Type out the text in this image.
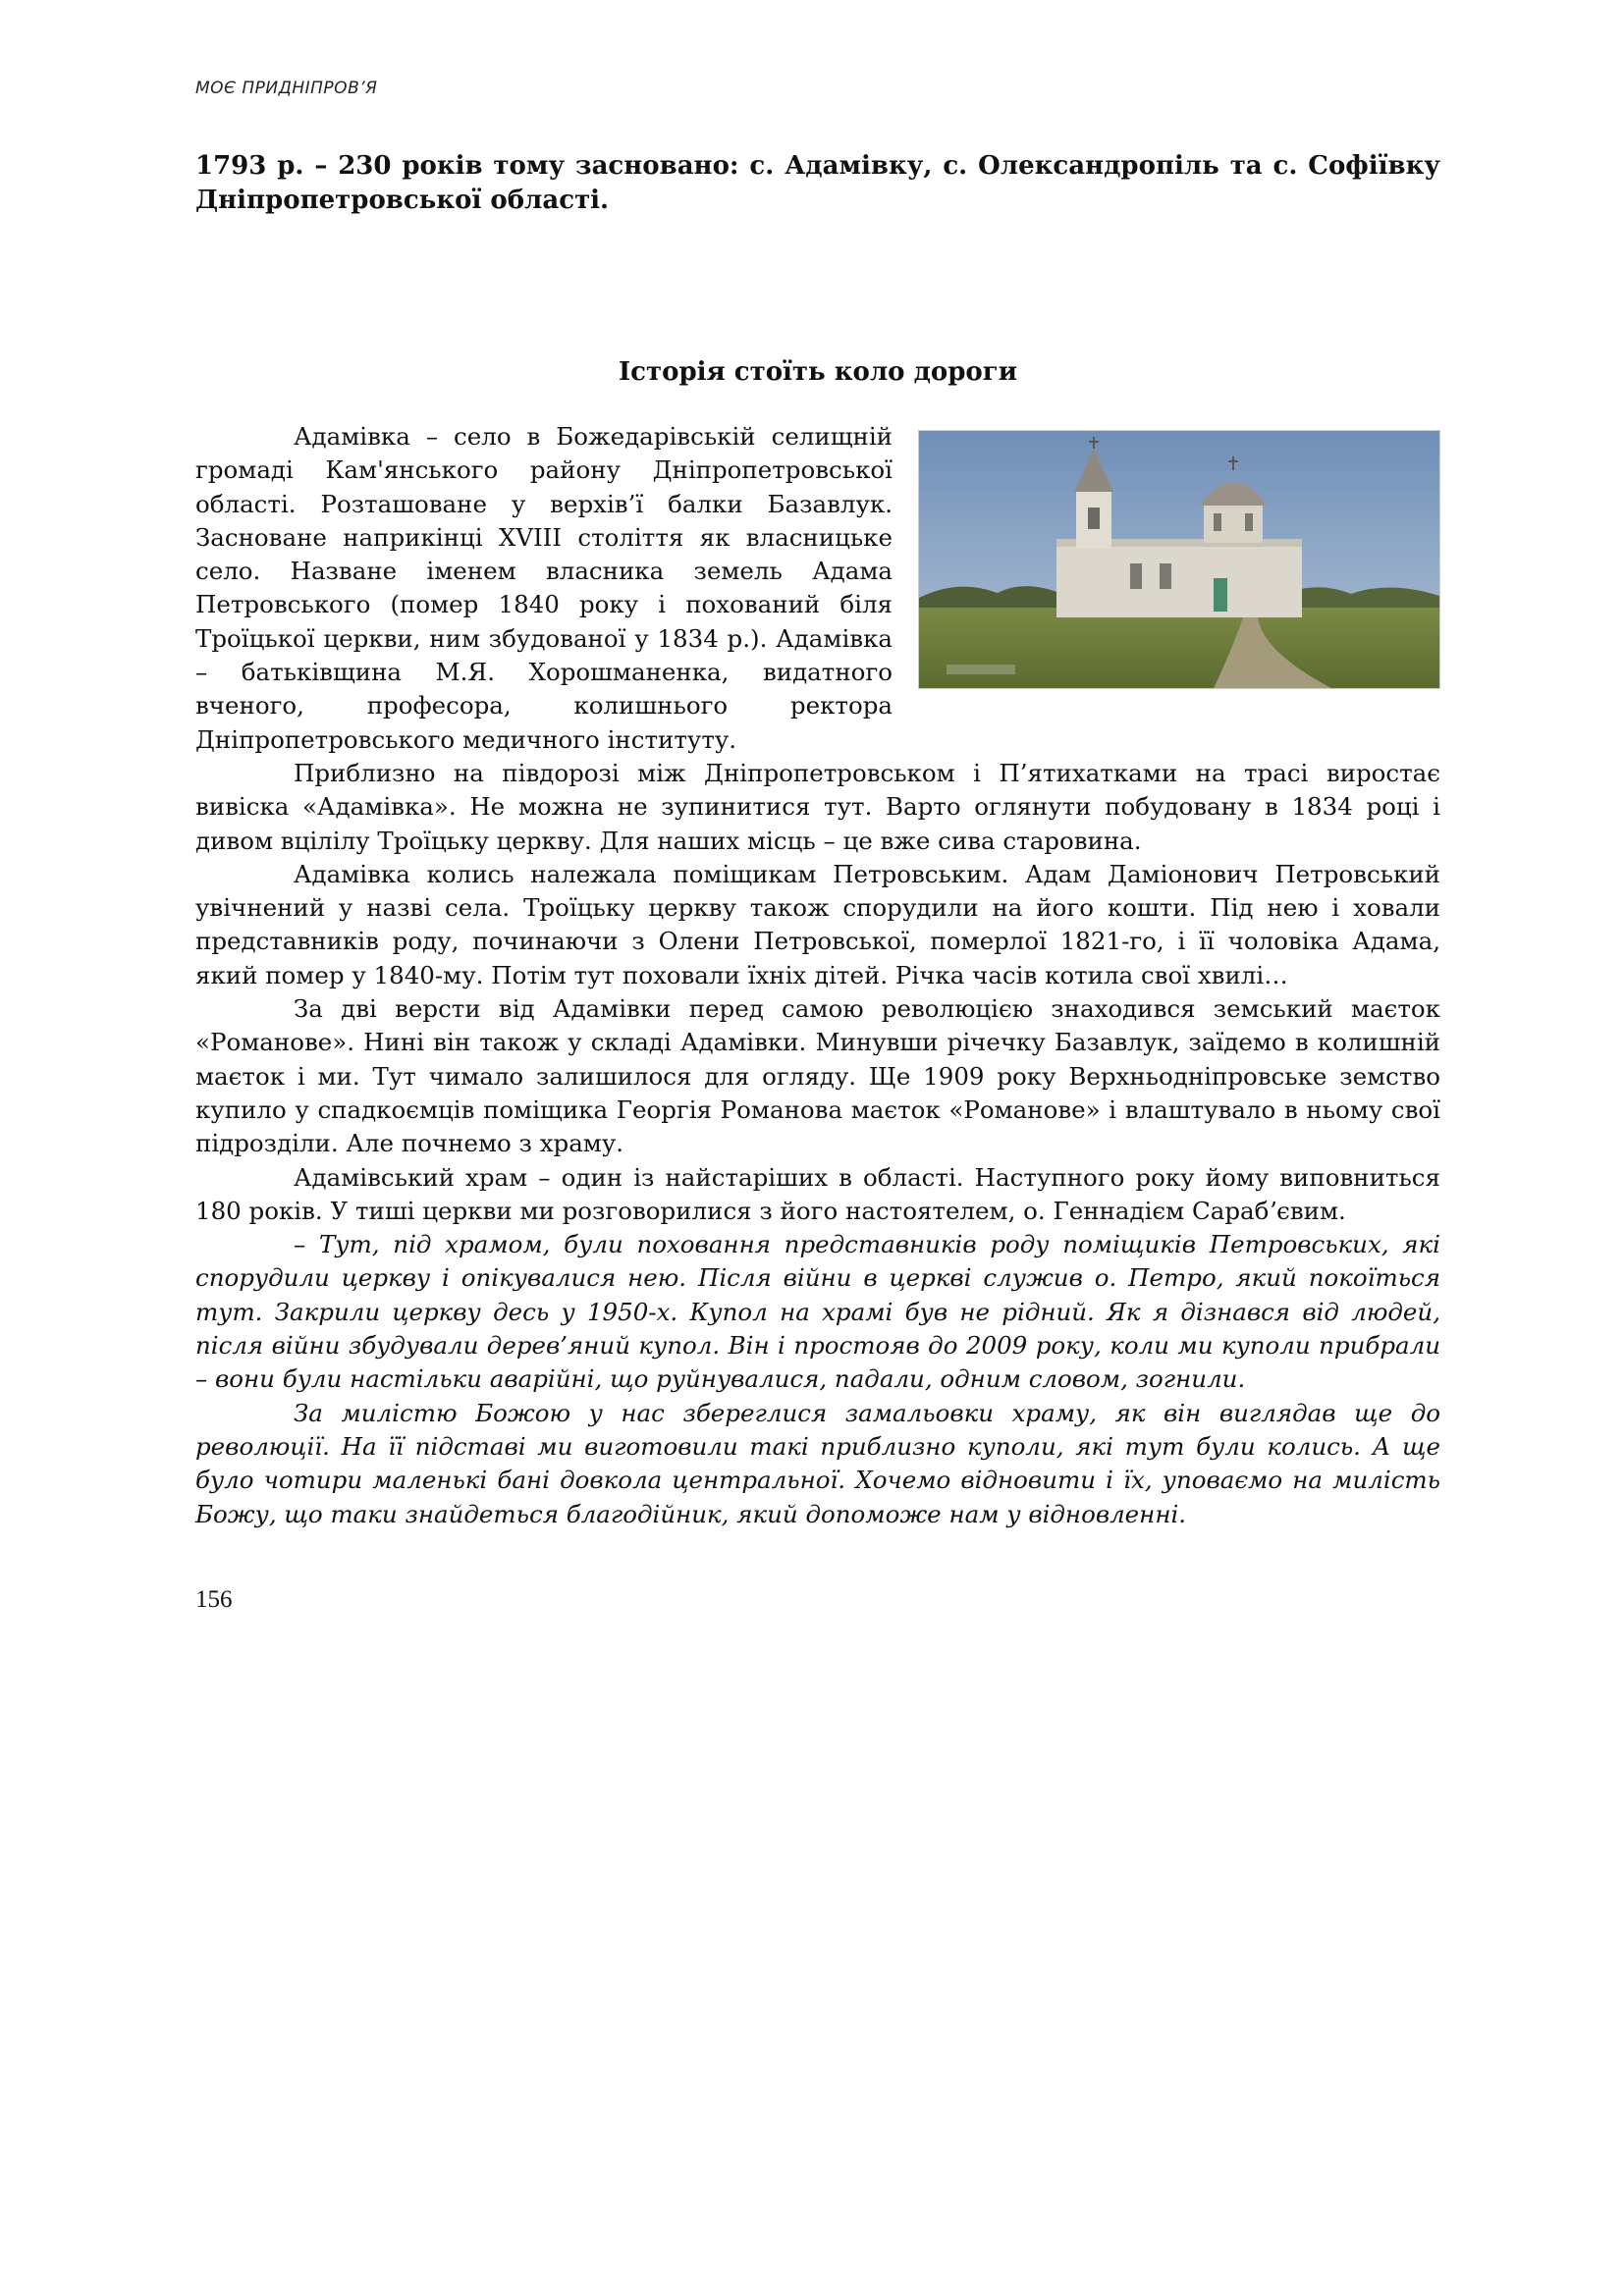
МОЄ ПРИДНІПРОВ’Я
1793 р. – 230 років тому засновано: с. Адамівку, с. Олександропіль та с. Софіївку Дніпропетровської області.
Історія стоїть коло дороги

Адамівка – село в Божедарівській селищній громаді Кам'янського району Дніпропетровської області. Розташоване у верхів’ї балки Базавлук. Засноване наприкінці XVIII століття як власницьке село. Назване іменем власника земель Адама Петровського (помер 1840 року і похований біля Троїцької церкви, ним збудованої у 1834 р.). Адамівка – батьківщина М.Я. Хорошманенка, видатного вченого, професора, колишнього ректора Дніпропетровського медичного інституту.

Приблизно на півдорозі між Дніпропетровськом і П’ятихатками на трасі виростає вивіска «Адамівка». Не можна не зупинитися тут. Варто оглянути побудовану в 1834 році і дивом вцілілу Троїцьку церкву. Для наших місць – це вже сива старовина.

Адамівка колись належала поміщикам Петровським. Адам Даміонович Петровський увічнений у назві села. Троїцьку церкву також спорудили на його кошти. Під нею і ховали представників роду, починаючи з Олени Петровської, померлої 1821-го, і її чоловіка Адама, який помер у 1840-му. Потім тут поховали їхніх дітей. Річка часів котила свої хвилі…

За дві версти від Адамівки перед самою революцією знаходився земський маєток «Романове». Нині він також у складі Адамівки. Минувши річечку Базавлук, заїдемо в колишній маєток і ми. Тут чимало залишилося для огляду. Ще 1909 року Верхньодніпровське земство купило у спадкоємців поміщика Георгія Романова маєток «Романове» і влаштувало в ньому свої підрозділи. Але почнемо з храму.

Адамівський храм – один із найстаріших в області. Наступного року йому виповниться 180 років. У тиші церкви ми розговорилися з його настоятелем, о. Геннадієм Сарабʼєвим.

– Тут, під храмом, були поховання представників роду поміщиків Петровських, які спорудили церкву і опікувалися нею. Після війни в церкві служив о. Петро, який покоїться тут. Закрили церкву десь у 1950-х. Купол на храмі був не рідний. Як я дізнався від людей, після війни збудували дерев’яний купол. Він і простояв до 2009 року, коли ми куполи прибрали – вони були настільки аварійні, що руйнувалися, падали, одним словом, зогнили.

За милістю Божою у нас збереглися замальовки храму, як він виглядав ще до революції. На її підставі ми виготовили такі приблизно куполи, які тут були колись. А ще було чотири маленькі бані довкола центральної. Хочемо відновити і їх, уповаємо на милість Божу, що таки знайдеться благодійник, який допоможе нам у відновленні.

156
